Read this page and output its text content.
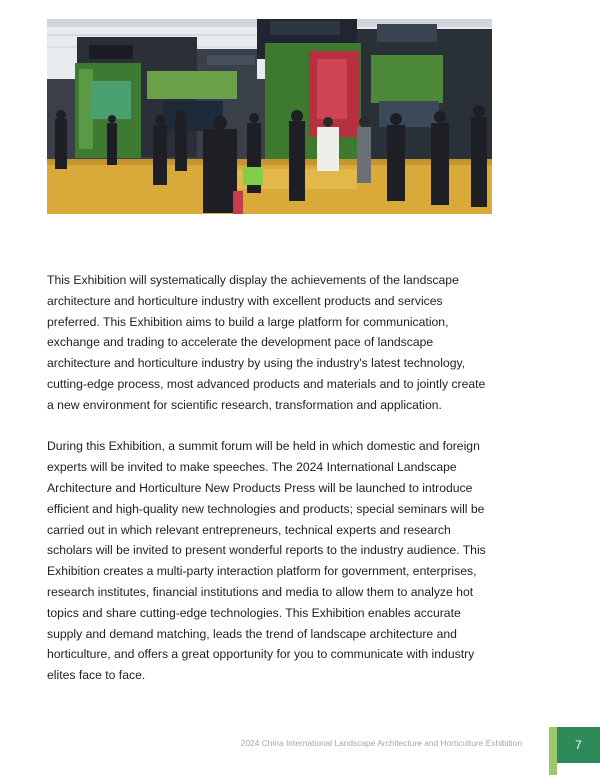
This Exhibition will systematically display the achievements of the landscape architecture and horticulture industry with excellent products and services preferred. This Exhibition aims to build a large platform for communication, exchange and trading to accelerate the development pace of landscape architecture and horticulture industry by using the industry's latest technology, cutting-edge process, most advanced products and materials and to jointly create a new environment for scientific research, transformation and application.

During this Exhibition, a summit forum will be held in which domestic and foreign experts will be invited to make speeches. The 2024 International Landscape Architecture and Horticulture New Products Press will be launched to introduce efficient and high-quality new technologies and products; special seminars will be carried out in which relevant entrepreneurs, technical experts and research scholars will be invited to present wonderful reports to the industry audience. This Exhibition creates a multi-party interaction platform for government, enterprises, research institutes, financial institutions and media to allow them to analyze hot topics and share cutting-edge technologies. This Exhibition enables accurate supply and demand matching, leads the trend of landscape architecture and horticulture, and offers a great opportunity for you to communicate with industry elites face to face.

2024 China International Landscape Architecture and Horticulture Exhibition	7
